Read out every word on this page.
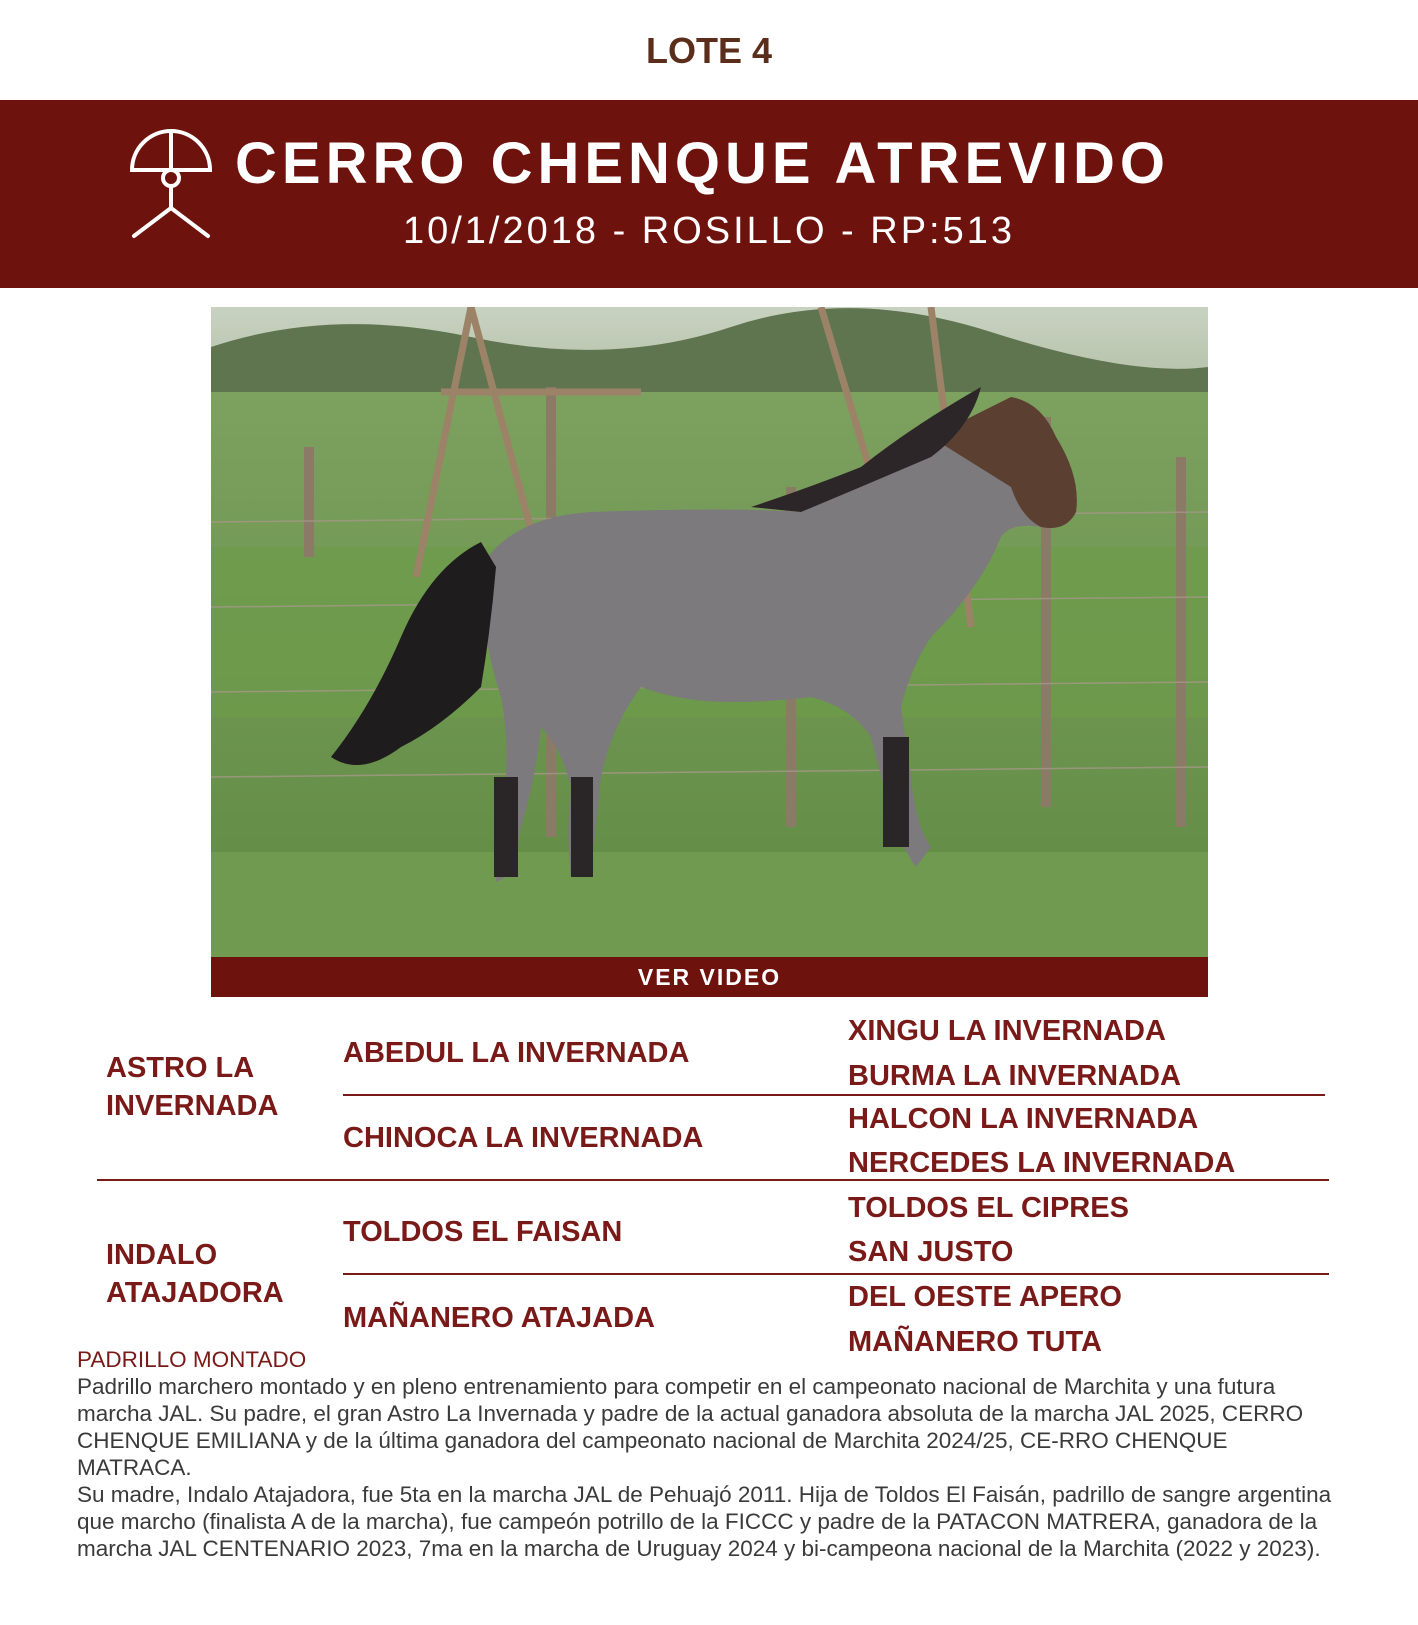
LOTE 4
CERRO CHENQUE ATREVIDO
10/1/2018 - ROSILLO - RP:513
VER VIDEO
ASTRO LA
INVERNADA
INDALO
ATAJADORA
ABEDUL LA INVERNADA
CHINOCA LA INVERNADA
TOLDOS EL FAISAN
MAÑANERO ATAJADA
XINGU LA INVERNADA
BURMA LA INVERNADA
HALCON LA INVERNADA
NERCEDES LA INVERNADA
TOLDOS EL CIPRES
SAN JUSTO
DEL OESTE APERO
MAÑANERO TUTA
PADRILLO MONTADO

Padrillo marchero montado y en pleno entrenamiento para competir en el campeonato nacional de Marchita y una futura marcha JAL. Su padre, el gran Astro La Invernada y padre de la actual ganadora absoluta de la marcha JAL 2025, CERRO CHENQUE EMILIANA y de la última ganadora del campeonato nacional de Marchita 2024/25, CE-RRO CHENQUE MATRACA.

Su madre, Indalo Atajadora, fue 5ta en la marcha JAL de Pehuajó 2011. Hija de Toldos El Faisán, padrillo de sangre argentina que marcho (finalista A de la marcha), fue campeón potrillo de la FICCC y padre de la PATACON MATRERA, ganadora de la marcha JAL CENTENARIO 2023, 7ma en la marcha de Uruguay 2024 y bi-campeona nacional de la Marchita (2022 y 2023).
